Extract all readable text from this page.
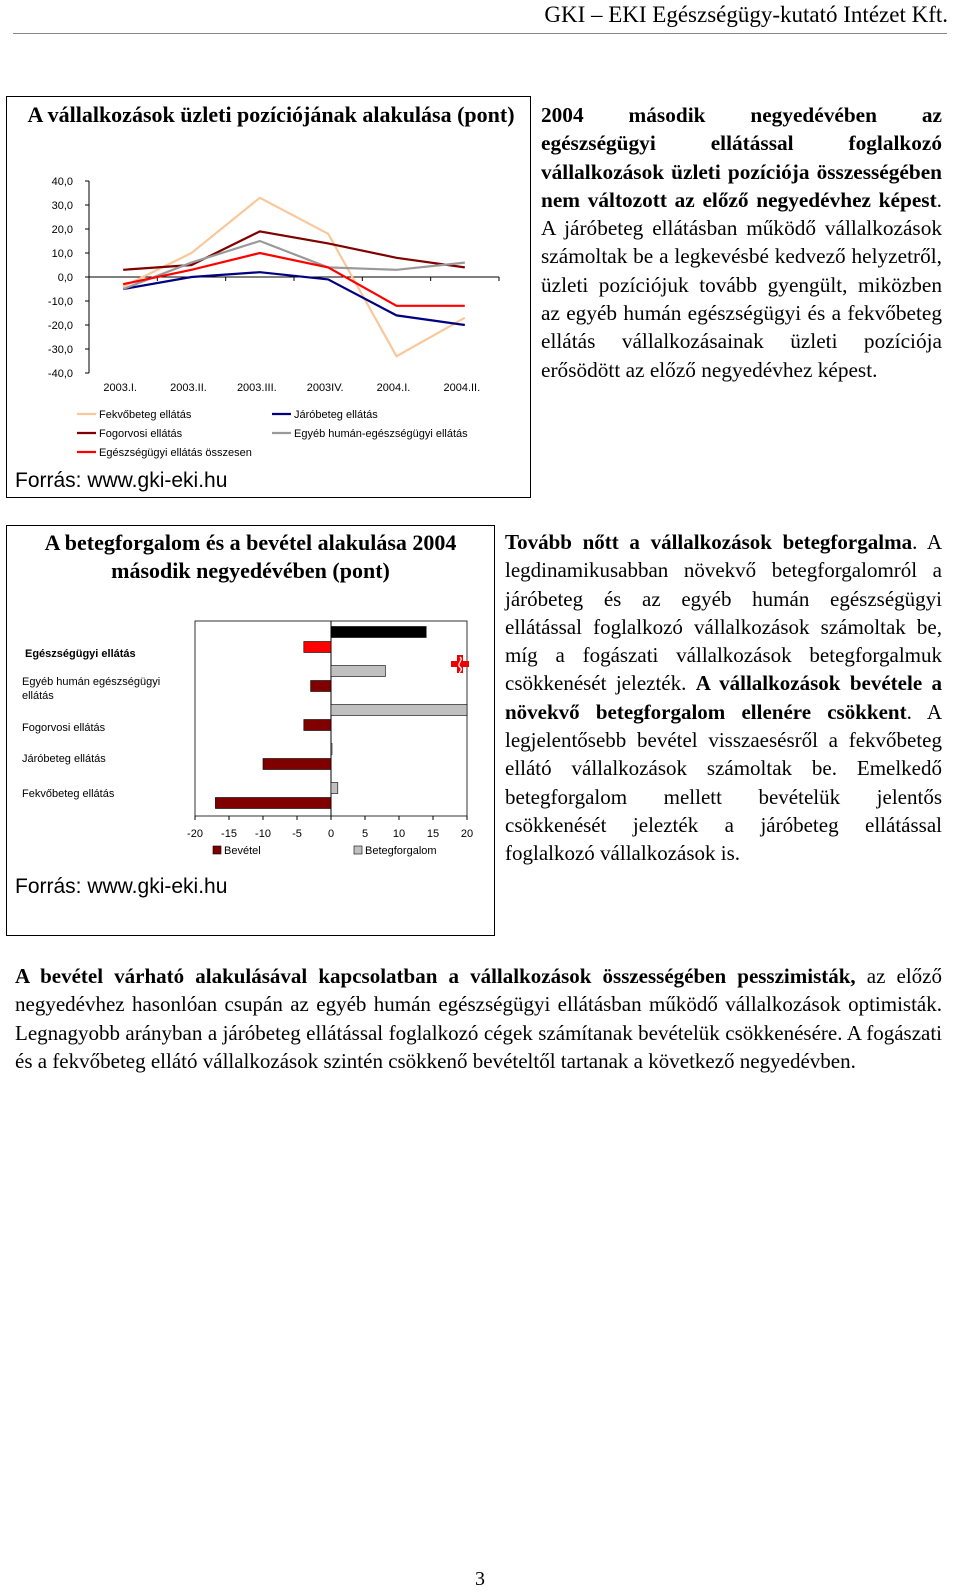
GKI – EKI Egészségügy-kutató Intézet Kft.
A vállalkozások üzleti pozíciójának alakulása (pont)
40,0
30,0
20,0
10,0
0,0
-10,0
-20,0
-30,0
-40,0
2003.I.	2003.II.	2003.III.	2003IV.	2004.I.	2004.II.
Fekvőbeteg ellátás	Járóbeteg ellátás
Fogorvosi ellátás	Egyéb humán-egészségügyi ellátás
Egészségügyi ellátás összesen
Forrás: www.gki-eki.hu
2004 második negyedévében az egészségügyi ellátással foglalkozó vállalkozások üzleti pozíciója összességében nem változott az előző negyedévhez képest. A járóbeteg ellátásban működő vállalkozások számoltak be a legkevésbé kedvező helyzetről, üzleti pozíciójuk tovább gyengült, miközben az egyéb humán egészségügyi és a fekvőbeteg ellátás vállalkozásainak üzleti pozíciója erősödött az előző negyedévhez képest.
A betegforgalom és a bevétel alakulása 2004 második negyedévében (pont)
-20 -15 -10 -5 0	5 10 15 20
Egészségügyi ellátás
Egyéb humán egészségügyi ellátás
Fogorvosi ellátás
Járóbeteg ellátás
Fekvőbeteg ellátás
Bevétel	Betegforgalom
Forrás: www.gki-eki.hu
Tovább nőtt a vállalkozások betegforgalma. A legdinamikusabban növekvő betegforgalomról a járóbeteg és az egyéb humán egészségügyi ellátással foglalkozó vállalkozások számoltak be, míg a fogászati vállalkozások betegforgalmuk csökkenését jelezték. A vállalkozások bevétele a növekvő betegforgalom ellenére csökkent. A legjelentősebb bevétel visszaesésről a fekvőbeteg ellátó vállalkozások számoltak be. Emelkedő betegforgalom mellett bevételük jelentős csökkenését jelezték a járóbeteg ellátással foglalkozó vállalkozások is.
A bevétel várható alakulásával kapcsolatban a vállalkozások összességében pesszimisták, az előző negyedévhez hasonlóan csupán az egyéb humán egészségügyi ellátásban működő vállalkozások optimisták. Legnagyobb arányban a járóbeteg ellátással foglalkozó cégek számítanak bevételük csökkenésére. A fogászati és a fekvőbeteg ellátó vállalkozások szintén csökkenő bevételtől tartanak a következő negyedévben.
3
